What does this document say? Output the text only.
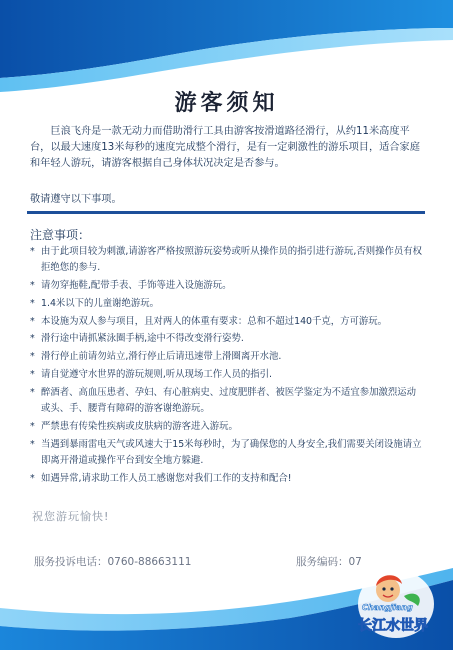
游客须知
巨浪飞舟是一款无动力而借助滑行工具由游客按滑道路径滑行，从约11米高度平台，以最大速度13米每秒的速度完成整个滑行，是有一定刺激性的游乐项目，适合家庭和年轻人游玩，请游客根据自己身体状况决定是否参与。
敬请遵守以下事项。
注意事项：
* 由于此项目较为刺激,请游客严格按照游玩姿势或听从操作员的指引进行游玩,否则操作员有权拒绝您的参与.
* 请勿穿拖鞋,配带手表、手饰等进入设施游玩。
* 1.4米以下的儿童谢绝游玩。
* 本设施为双人参与项目，且对两人的体重有要求：总和不超过140千克，方可游玩。
* 滑行途中请抓紧泳圈手柄,途中不得改变滑行姿势.
* 滑行停止前请勿站立,滑行停止后请迅速带上滑圈离开水池.
* 请自觉遵守水世界的游玩规则,听从现场工作人员的指引.
* 醉酒者、高血压患者、孕妇、有心脏病史、过度肥胖者、被医学鉴定为不适宜参加激烈运动或头、手、腰背有障碍的游客谢绝游玩。
* 严禁患有传染性疾病或皮肤病的游客进入游玩。
* 当遇到暴雨雷电天气或风速大于15米每秒时，为了确保您的人身安全,我们需要关闭设施请立即离开滑道或操作平台到安全地方躲避.
* 如遇异常,请求助工作人员工感谢您对我们工作的支持和配合!
祝您游玩愉快!
服务投诉电话：0760-88663111	服务编码：07
Changjiang
长江水世界
